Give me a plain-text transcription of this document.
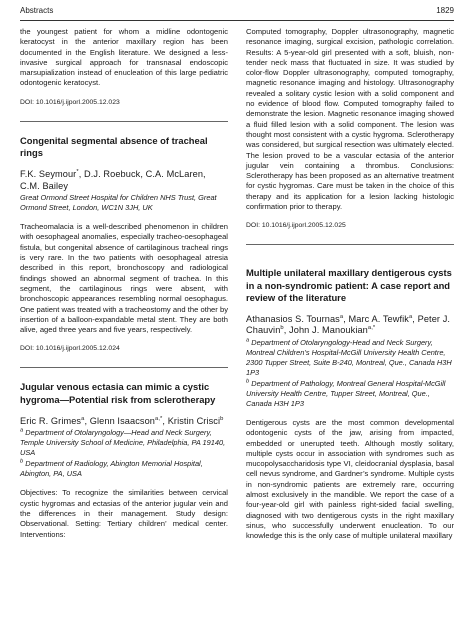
Abstracts	1829

the youngest patient for whom a midline odontogenic keratocyst in the anterior maxillary region has been documented in the English literature. We designed a less-invasive surgical approach for transnasal endoscopic marsupialization instead of enucleation of this large pediatric odontogenic keratocyst.

DOI: 10.1016/j.ijporl.2005.12.023
Congenital segmental absence of tracheal rings
F.K. Seymour*, D.J. Roebuck, C.A. McLaren, C.M. Bailey
Great Ormond Street Hospital for Children NHS Trust, Great Ormond Street, London, WC1N 3JH, UK

Tracheomalacia is a well-described phenomenon in children with oesophageal anomalies, especially tracheo-oesophageal fistula, but congenital absence of cartilaginous tracheal rings is very rare. In the two patients with oesophageal atresia described in this report, bronchoscopy and radiological findings showed an abnormal segment of trachea. In this segment, the cartilaginous rings were absent, with bronchoscopic appearances resembling normal oesophagus. One patient was treated with a tracheostomy and the other by insertion of a balloon-expandable metal stent. They are both alive, aged three years and five years, respectively.

DOI: 10.1016/j.ijporl.2005.12.024
Jugular venous ectasia can mimic a cystic hygroma—Potential risk from sclerotherapy
Eric R. Grimes$^a$, Glenn Isaacson$^{a,*}$, Kristin Crisci$^b$
$^a$ Department of Otolaryngology—Head and Neck Surgery, Temple University School of Medicine, Philadelphia, PA 19140, USA
$^b$ Department of Radiology, Abington Memorial Hospital, Abington, PA, USA

Objectives: To recognize the similarities between cervical cystic hygromas and ectasias of the anterior jugular vein and the differences in their management. Study design: Observational. Setting: Tertiary children’ medical center. Interventions:

Computed tomography, Doppler ultrasonography, magnetic resonance imaging, surgical excision, pathologic correlation. Results: A 5-year-old girl presented with a soft, bluish, non-tender neck mass that fluctuated in size. It was studied by color-flow Doppler ultrasonography, computed tomography, magnetic resonance imaging and histology. Ultrasonography revealed a solitary cystic lesion with a solid component and no evidence of blood flow. Computed tomography failed to demonstrate the lesion. Magnetic resonance imaging showed a fluid filled lesion with a solid component. The lesion was thought most consistent with a cystic hygroma. Sclerotherapy was considered, but surgical resection was ultimately elected. The lesion proved to be a vascular ectasia of the anterior jugular vein containing a thrombus. Conclusions: Sclerotherapy has been proposed as an alternative treatment for cystic hygromas. Care must be taken in the choice of this therapy and its application for a lesion lacking histologic confirmation prior to therapy.

DOI: 10.1016/j.ijporl.2005.12.025
Multiple unilateral maxillary dentigerous cysts in a non-syndromic patient: A case report and review of the literature
Athanasios S. Tournas$^a$, Marc A. Tewfik$^a$, Peter J. Chauvin$^b$, John J. Manoukian$^{a,*}$
$^a$ Department of Otolaryngology-Head and Neck Surgery, Montreal Children’s Hospital-McGill University Health Centre, 2300 Tupper Street, Suite B-240, Montreal, Que., Canada H3H 1P3
$^b$ Department of Pathology, Montreal General Hospital-McGill University Health Centre, Tupper Street, Montreal, Que., Canada H3H 1P3

Dentigerous cysts are the most common developmental odontogenic cysts of the jaw, arising from impacted, embedded or unerupted teeth. Although mostly solitary, multiple cysts occur in association with syndromes such as mucopolysaccharidosis type VI, cleidocranial dysplasia, basal cell nevus syndrome, and Gardner’s syndrome. Multiple cysts in non-syndromic patients are extremely rare, occurring almost exclusively in the mandible. We report the case of a four-year-old girl with painless right-sided facial swelling, diagnosed with two dentigerous cysts in the right maxillary sinus, who successfully underwent enucleation. To our knowledge this is the only case of multiple unilateral maxillary
